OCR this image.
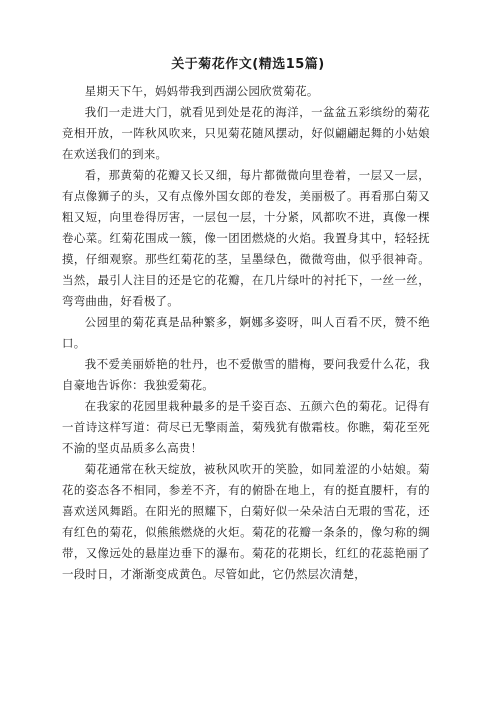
关于菊花作文(精选15篇)

星期天下午，妈妈带我到西湖公园欣赏菊花。

我们一走进大门，就看见到处是花的海洋，一盆盆五彩缤纷的菊花竞相开放，一阵秋风吹来，只见菊花随风摆动，好似翩翩起舞的小姑娘在欢送我们的到来。

看，那黄菊的花瓣又长又细，每片都微微向里卷着，一层又一层，有点像狮子的头，又有点像外国女郎的卷发，美丽极了。再看那白菊又粗又短，向里卷得厉害，一层包一层，十分紧，风都吹不进，真像一棵卷心菜。红菊花围成一簇，像一团团燃烧的火焰。我置身其中，轻轻抚摸，仔细观察。那些红菊花的茎，呈墨绿色，微微弯曲，似乎很神奇。当然，最引人注目的还是它的花瓣，在几片绿叶的衬托下，一丝一丝，弯弯曲曲，好看极了。

公园里的菊花真是品种繁多，婀娜多姿呀，叫人百看不厌，赞不绝口。

我不爱美丽娇艳的牡丹，也不爱傲雪的腊梅，要问我爱什么花，我自豪地告诉你：我独爱菊花。

在我家的花园里栽种最多的是千姿百态、五颜六色的菊花。记得有一首诗这样写道：荷尽已无擎雨盖，菊残犹有傲霜枝。你瞧，菊花至死不渝的坚贞品质多么高贵！

菊花通常在秋天绽放，被秋风吹开的笑脸，如同羞涩的小姑娘。菊花的姿态各不相同，参差不齐，有的俯卧在地上，有的挺直腰杆，有的喜欢送风舞蹈。在阳光的照耀下，白菊好似一朵朵洁白无瑕的雪花，还有红色的菊花，似熊熊燃烧的火炬。菊花的花瓣一条条的，像匀称的绸带，又像远处的悬崖边垂下的瀑布。菊花的花期长，红红的花蕊艳丽了一段时日，才渐渐变成黄色。尽管如此，它仍然层次清楚，
